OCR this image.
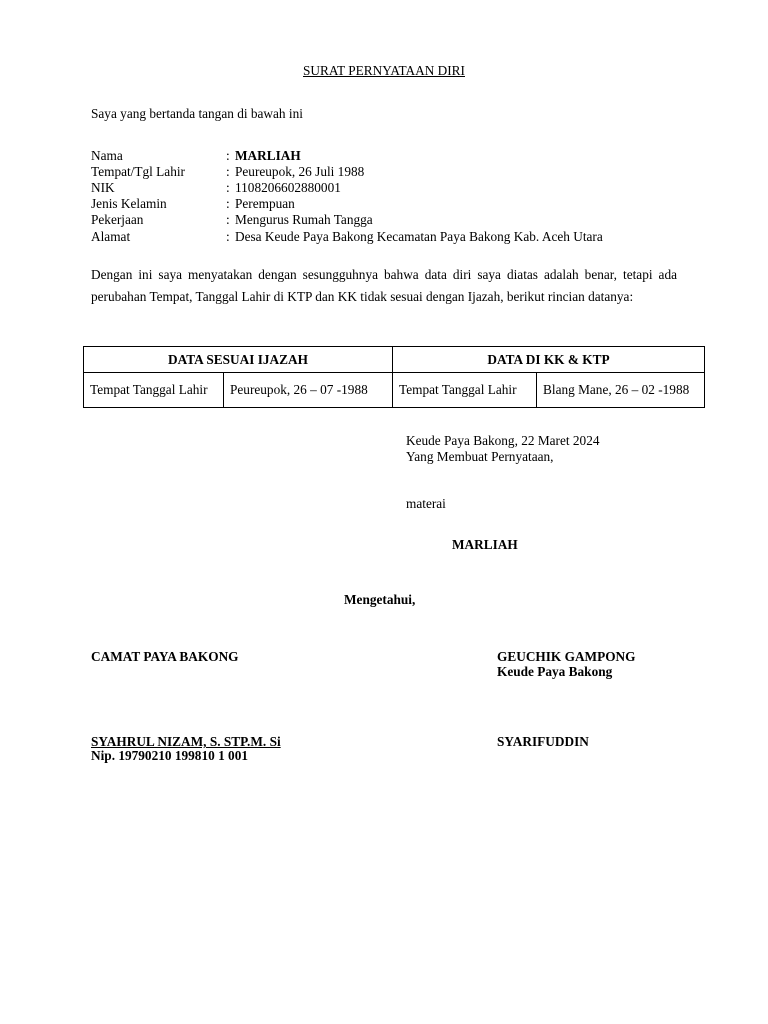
SURAT PERNYATAAN DIRI
Saya yang bertanda tangan di bawah ini
Nama	: MARLIAH
Tempat/Tgl Lahir	: Peureupok, 26 Juli 1988
NIK	: 1108206602880001
Jenis Kelamin	: Perempuan
Pekerjaan	: Mengurus Rumah Tangga
Alamat	: Desa Keude Paya Bakong Kecamatan Paya Bakong Kab. Aceh Utara
Dengan ini saya menyatakan dengan sesungguhnya bahwa data diri saya diatas adalah benar, tetapi ada perubahan Tempat, Tanggal Lahir di KTP dan KK tidak sesuai dengan Ijazah, berikut rincian datanya:
DATA SESUAI IJAZAH		DATA DI KK & KTP	
Tempat Tanggal Lahir	Peureupok, 26 – 07 -1988	Tempat Tanggal Lahir	Blang Mane, 26 – 02 -1988
Keude Paya Bakong, 22 Maret 2024
Yang Membuat Pernyataan,
materai
MARLIAH
Mengetahui,
CAMAT PAYA BAKONG	GEUCHIK GAMPONG
Keude Paya Bakong
SYAHRUL NIZAM, S. STP.M. Si
Nip. 19790210 199810 1 001
SYARIFUDDIN
